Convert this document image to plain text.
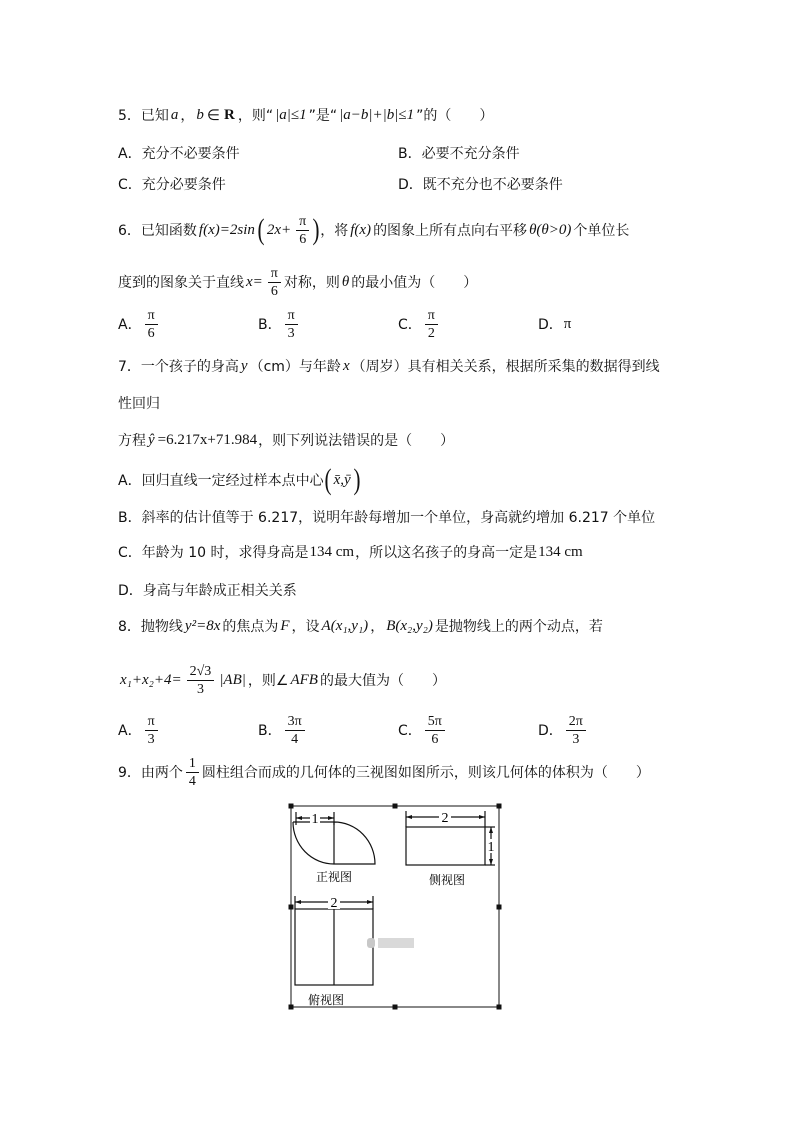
5．已知 a ， b ∈ R ，则“ |a|≤1 ”是“ |a−b|+|b|≤1 ”的（　　）
A．充分不必要条件	B．必要不充分条件
C．充分必要条件	D．既不充分也不必要条件
6．已知函数 f(x)=2sin ( $2x+ \frac{\pi}{6}$ ) ，将 f(x) 的图象上所有点向右平移 θ(θ>0) 个单位长
度到的图象关于直线 $x= \frac{\pi}{6}$ 对称，则 θ 的最小值为（　　）
A． $\frac{\pi}{6}$	B． $\frac{\pi}{3}$	C． $\frac{\pi}{2}$	D． π
7．一个孩子的身高 y （cm）与年龄 x （周岁）具有相关关系，根据所采集的数据得到线
性回归
方程 ŷ =6.217x+71.984 ，则下列说法错误的是（　　）
A．回归直线一定经过样本点中心 ( x̄,ȳ )
B．斜率的估计值等于 6.217，说明年龄每增加一个单位，身高就约增加 6.217 个单位
C．年龄为 10 时，求得身高是 134 cm ，所以这名孩子的身高一定是 134 cm
D．身高与年龄成正相关关系
8．抛物线 y²=8x 的焦点为 F ，设 A(x₁,y₁) ， B(x₂,y₂) 是抛物线上的两个动点，若
$x_1+x_2+4= \frac{2√3}{3} |AB|$ ，则∠ AFB 的最大值为（　　）
A． $\frac{\pi}{3}$	B． $\frac{3\pi}{4}$	C． $\frac{5\pi}{6}$	D． $\frac{2\pi}{3}$
9．由两个 $\frac{1}{4}$ 圆柱组合而成的几何体的三视图如图所示，则该几何体的体积为（　　）
1
正视图
2
1
侧视图
2
俯视图
